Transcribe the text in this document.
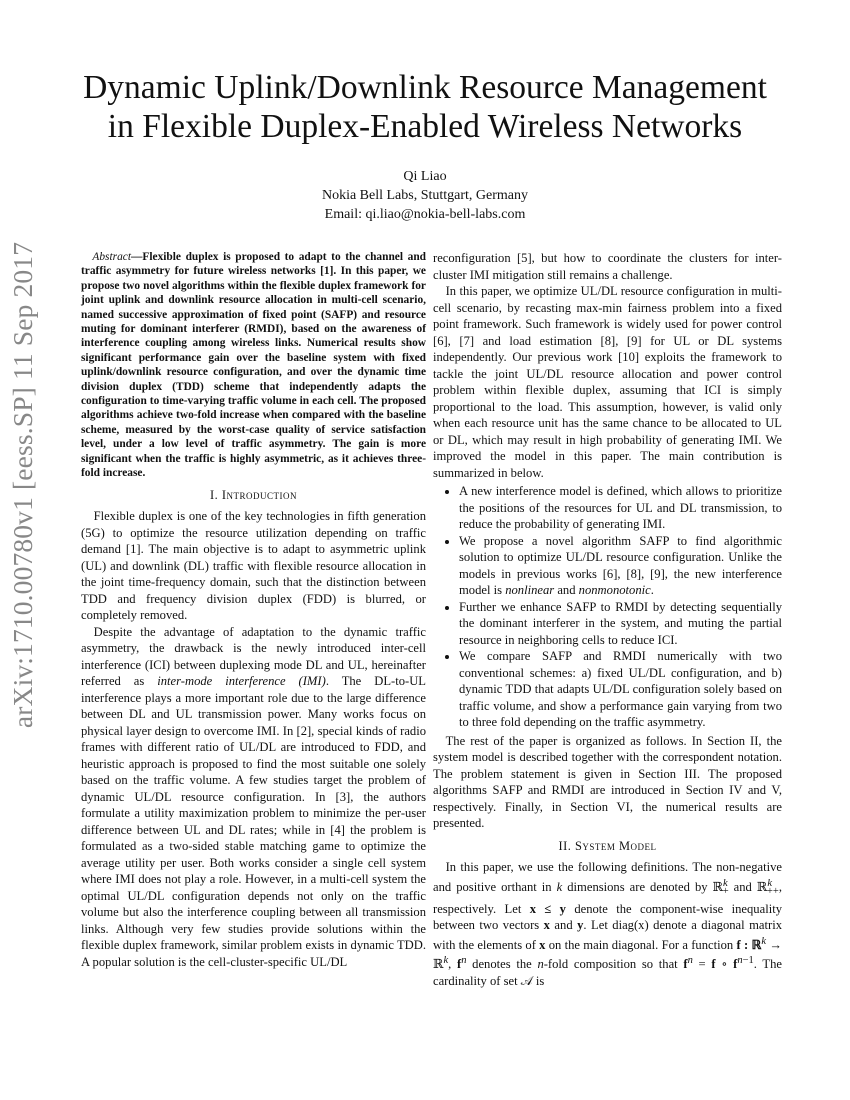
arXiv:1710.00780v1 [eess.SP] 11 Sep 2017
Dynamic Uplink/Downlink Resource Management
in Flexible Duplex-Enabled Wireless Networks
Qi Liao
Nokia Bell Labs, Stuttgart, Germany
Email: qi.liao@nokia-bell-labs.com
Abstract—Flexible duplex is proposed to adapt to the channel and traffic asymmetry for future wireless networks [1]. In this paper, we propose two novel algorithms within the flexible duplex framework for joint uplink and downlink resource allocation in multi-cell scenario, named successive approximation of fixed point (SAFP) and resource muting for dominant interferer (RMDI), based on the awareness of interference coupling among wireless links. Numerical results show significant performance gain over the baseline system with fixed uplink/downlink resource configuration, and over the dynamic time division duplex (TDD) scheme that independently adapts the configuration to time-varying traffic volume in each cell. The proposed algorithms achieve two-fold increase when compared with the baseline scheme, measured by the worst-case quality of service satisfaction level, under a low level of traffic asymmetry. The gain is more significant when the traffic is highly asymmetric, as it achieves three-fold increase.
I. Introduction

Flexible duplex is one of the key technologies in fifth generation (5G) to optimize the resource utilization depending on traffic demand [1]. The main objective is to adapt to asymmetric uplink (UL) and downlink (DL) traffic with flexible resource allocation in the joint time-frequency domain, such that the distinction between TDD and frequency division duplex (FDD) is blurred, or completely removed.

Despite the advantage of adaptation to the dynamic traffic asymmetry, the drawback is the newly introduced inter-cell interference (ICI) between duplexing mode DL and UL, hereinafter referred as inter-mode interference (IMI). The DL-to-UL interference plays a more important role due to the large difference between DL and UL transmission power. Many works focus on physical layer design to overcome IMI. In [2], special kinds of radio frames with different ratio of UL/DL are introduced to FDD, and heuristic approach is proposed to find the most suitable one solely based on the traffic volume. A few studies target the problem of dynamic UL/DL resource configuration. In [3], the authors formulate a utility maximization problem to minimize the per-user difference between UL and DL rates; while in [4] the problem is formulated as a two-sided stable matching game to optimize the average utility per user. Both works consider a single cell system where IMI does not play a role. However, in a multi-cell system the optimal UL/DL configuration depends not only on the traffic volume but also the interference coupling between all transmission links. Although very few studies provide solutions within the flexible duplex framework, similar problem exists in dynamic TDD. A popular solution is the cell-cluster-specific UL/DL

reconfiguration [5], but how to coordinate the clusters for inter-cluster IMI mitigation still remains a challenge.

In this paper, we optimize UL/DL resource configuration in multi-cell scenario, by recasting max-min fairness problem into a fixed point framework. Such framework is widely used for power control [6], [7] and load estimation [8], [9] for UL or DL systems independently. Our previous work [10] exploits the framework to tackle the joint UL/DL resource allocation and power control problem within flexible duplex, assuming that ICI is simply proportional to the load. This assumption, however, is valid only when each resource unit has the same chance to be allocated to UL or DL, which may result in high probability of generating IMI. We improved the model in this paper. The main contribution is summarized in below.

• A new interference model is defined, which allows to prioritize the positions of the resources for UL and DL transmission, to reduce the probability of generating IMI.
• We propose a novel algorithm SAFP to find algorithmic solution to optimize UL/DL resource configuration. Unlike the models in previous works [6], [8], [9], the new interference model is nonlinear and nonmonotonic.
• Further we enhance SAFP to RMDI by detecting sequentially the dominant interferer in the system, and muting the partial resource in neighboring cells to reduce ICI.
• We compare SAFP and RMDI numerically with two conventional schemes: a) fixed UL/DL configuration, and b) dynamic TDD that adapts UL/DL configuration solely based on traffic volume, and show a performance gain varying from two to three fold depending on the traffic asymmetry.

The rest of the paper is organized as follows. In Section II, the system model is described together with the correspondent notation. The problem statement is given in Section III. The proposed algorithms SAFP and RMDI are introduced in Section IV and V, respectively. Finally, in Section VI, the numerical results are presented.

II. System Model

In this paper, we use the following definitions. The non-negative and positive orthant in k dimensions are denoted by ℝ$^k_+$ and ℝ$^k_{++}$, respectively. Let x ≤ y denote the component-wise inequality between two vectors x and y. Let diag(x) denote a diagonal matrix with the elements of x on the main diagonal. For a function f : ℝ$^k$ → ℝ$^k$, $f^n$ denotes the n-fold composition so that $f^n = f$ ∘ $f^{n-1}$. The cardinality of set 𝒜 is
